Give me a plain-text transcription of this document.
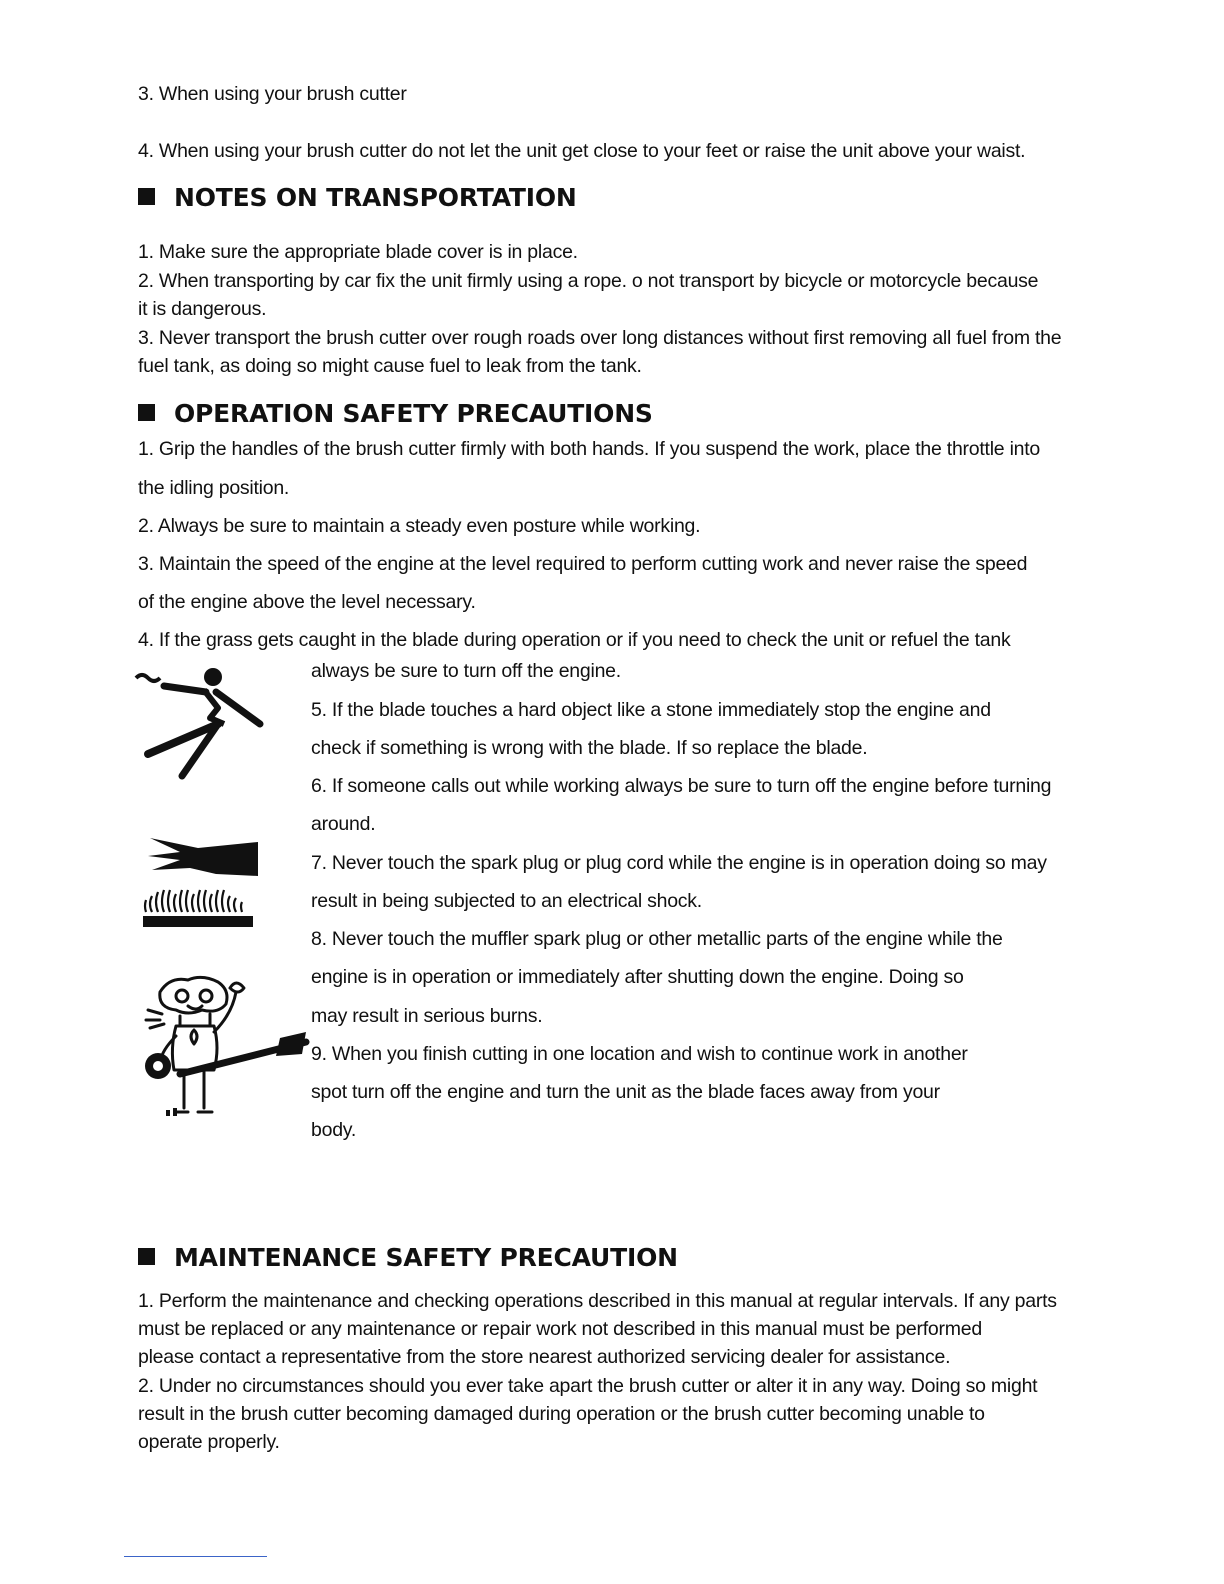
3. When using your brush cutter
4. When using your brush cutter do not let the unit get close to your feet or raise the unit above your waist.
NOTES ON TRANSPORTATION
1. Make sure the appropriate blade cover is in place.
2. When transporting by car fix the unit firmly using a rope. o not transport by bicycle or motorcycle because
it is dangerous.
3. Never transport the brush cutter over rough roads over long distances without first removing all fuel from the
fuel tank, as doing so might cause fuel to leak from the tank.
OPERATION SAFETY PRECAUTIONS
1. Grip the handles of the brush cutter firmly with both hands. If you suspend the work, place the throttle into
the idling position.
2. Always be sure to maintain a steady even posture while working.
3. Maintain the speed of the engine at the level required to perform cutting work and never raise the speed
of the engine above the level necessary.
4. If the grass gets caught in the blade during operation or if you need to check the unit or refuel the tank
always be sure to turn off the engine.
5. If the blade touches a hard object like a stone immediately stop the engine and
check if something is wrong with the blade. If so replace the blade.
6. If someone calls out while working always be sure to turn off the engine before turning
around.
7. Never touch the spark plug or plug cord while the engine is in operation doing so may
result in being subjected to an electrical shock.
8. Never touch the muffler spark plug or other metallic parts of the engine while the
engine is in operation or immediately after shutting down the engine. Doing so
may result in serious burns.
9. When you finish cutting in one location and wish to continue work in another
spot turn off the engine and turn the unit as the blade faces away from your
body.
MAINTENANCE SAFETY PRECAUTION
1. Perform the maintenance and checking operations described in this manual at regular intervals. If any parts
must be replaced or any maintenance or repair work not described in this manual must be performed
please contact a representative from the store nearest authorized servicing dealer for assistance.
2. Under no circumstances should you ever take apart the brush cutter or alter it in any way. Doing so might
result in the brush cutter becoming damaged during operation or the brush cutter becoming unable to
operate properly.
